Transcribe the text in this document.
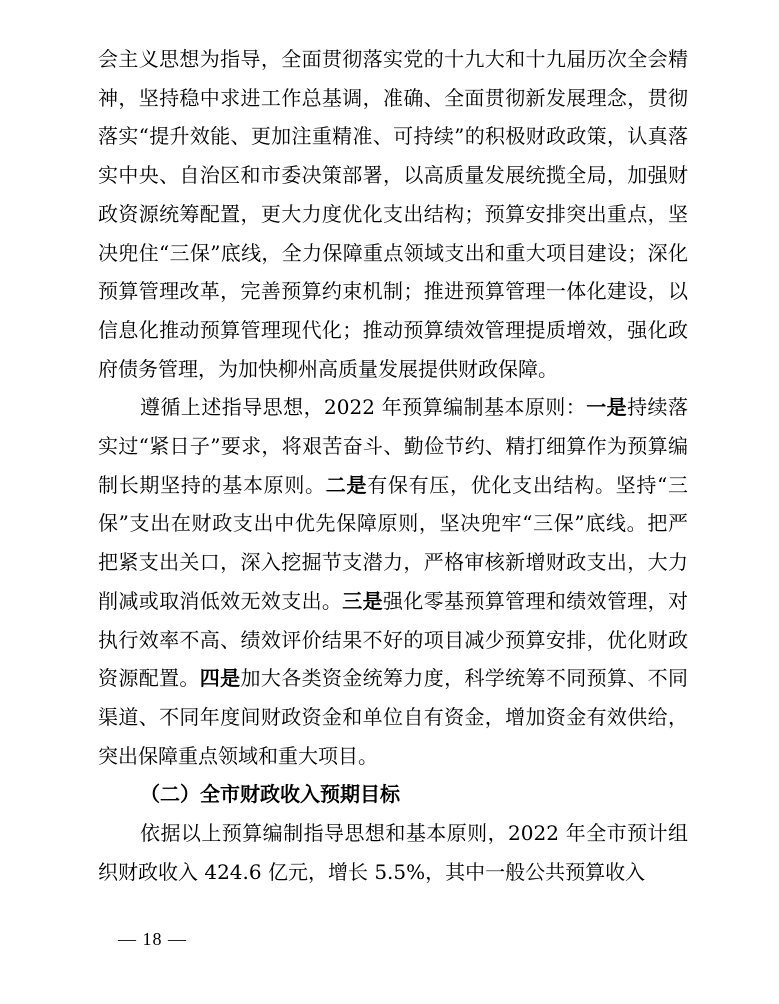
会主义思想为指导，全面贯彻落实党的十九大和十九届历次全会精神，坚持稳中求进工作总基调，准确、全面贯彻新发展理念，贯彻落实“提升效能、更加注重精准、可持续”的积极财政政策，认真落实中央、自治区和市委决策部署，以高质量发展统揽全局，加强财政资源统筹配置，更大力度优化支出结构；预算安排突出重点，坚决兜住“三保”底线，全力保障重点领域支出和重大项目建设；深化预算管理改革，完善预算约束机制；推进预算管理一体化建设，以信息化推动预算管理现代化；推动预算绩效管理提质增效，强化政府债务管理，为加快柳州高质量发展提供财政保障。

遵循上述指导思想，2022 年预算编制基本原则：一是持续落实过“紧日子”要求，将艰苦奋斗、勤俭节约、精打细算作为预算编制长期坚持的基本原则。二是有保有压，优化支出结构。坚持“三保”支出在财政支出中优先保障原则，坚决兜牢“三保”底线。把严把紧支出关口，深入挖掘节支潜力，严格审核新增财政支出，大力削减或取消低效无效支出。三是强化零基预算管理和绩效管理，对执行效率不高、绩效评价结果不好的项目减少预算安排，优化财政资源配置。四是加大各类资金统筹力度，科学统筹不同预算、不同渠道、不同年度间财政资金和单位自有资金，增加资金有效供给，突出保障重点领域和重大项目。

（二）全市财政收入预期目标

依据以上预算编制指导思想和基本原则，2022 年全市预计组织财政收入 424.6 亿元，增长 5.5%，其中一般公共预算收入

— 18 —
